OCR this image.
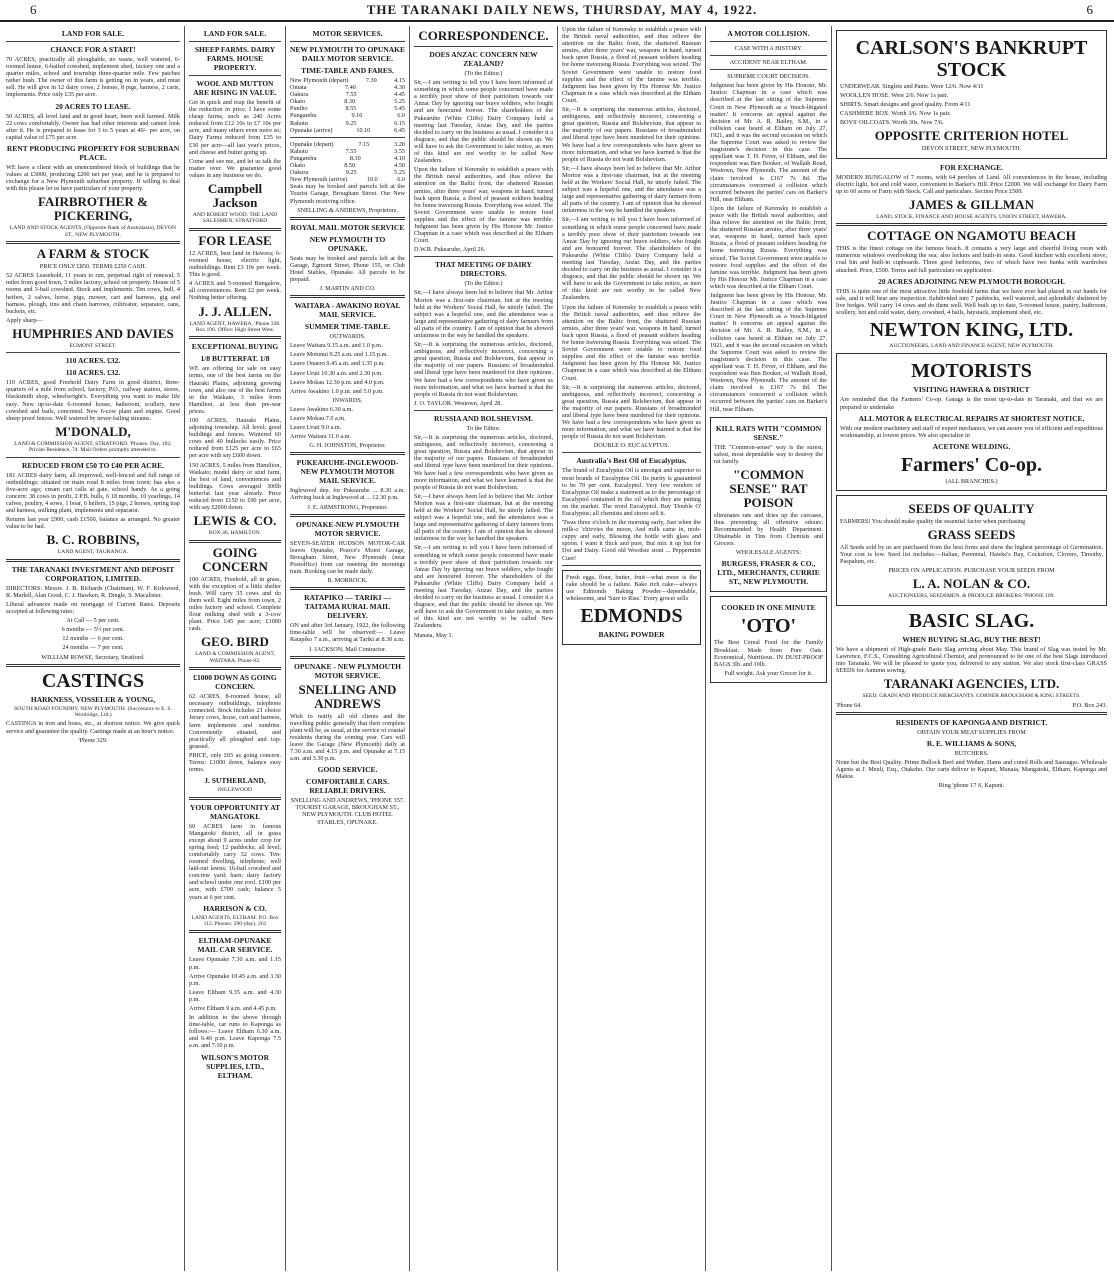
6	THE TARANAKI DAILY NEWS, THURSDAY, MAY 4, 1922.	6
LAND FOR SALE.
CHANCE FOR A START!

70 ACRES, practically all ploughable, no waste, well watered, 6-roomed house, 6-bailed cowshed, implement shed, factory one and a quarter miles, school and township three-quarter mile. Few patches rather bush. The owner of this farm is getting on in years, and must sell. He will give in 12 dairy cows, 2 horses, 8 pigs, harness, 2 carts, implements. Price only £35 per acre.

20 ACRES TO LEASE.

50 ACRES, all level land and in good heart, been well farmed. Milk 22 cows comfortably. Owner has had other interests and cannot look after it. He is prepared to lease for 3 to 5 years at 40/- per acre, on capital value of £75 per acre.

RENT PRODUCING PROPERTY FOR SUBURBAN PLACE.

WE have a client with an unencumbered block of buildings that he values at £3000, producing £200 net per year, and he is prepared to exchange for a New Plymouth suburban property. If willing to deal with this please let us have particulars of your property.

FAIRBROTHER & PICKERING,

LAND AND STOCK AGENTS, (Opposite Bank of Australasia), DEVON ST., NEW PLYMOUTH.

A FARM & STOCK

PRICE ONLY £850. TERMS £250 CASH.

52 ACRES Leasehold, 11 years to run, perpetual right of renewal, 5 miles from good town, 3 miles factory, school on property. House of 5 rooms and 3-bail cowshed. Stock and implements. Ten cows, bull, 4 heifers, 2 calves, horse, pigs, mower, cart and harness, gig and harness, plough, tins and chain harrows, cultivator, separator, cans, buckets, etc.

Apply sharp—

HUMPHRIES AND DAVIES

EGMONT STREET.

110 ACRES. £32.
110 ACRES. £32.

110 ACRES, good Freehold Dairy Farm in good district, three-quarters of a mile from school, factory, P.O., railway station, stores, blacksmith shop, wheelwright's. Everything you want to make life easy. New up-to-date 6-roomed house, bathroom, scullery, new cowshed and bails, concreted. New 6-cow plant and engine. Good sheep proof fences. Well watered by never-failing streams.

M'DONALD,

LAND & COMMISSION AGENT, STRATFORD. 'Phones: Day, 182; Private Residence, 74. Mail Orders promptly attended to.

REDUCED FROM £50 TO £40 PER ACRE.

181 ACRES dairy farm, all improved, well-fenced and full range of outbuildings; situated on main road 8 miles from town; has also a five-acre ago; cream cart calls at gate, school handy. As a going concern: 38 cows in profit, 2 P.B. bulls, 6 18 months, 10 yearlings, 14 calves, poultry, 4 sows, 1 boar, 6 heifers, 15 pigs, 2 horses, spring trap and harness, milking plant, implements and separator.

Returns last year £900, cash £1500, balance as arranged. No greater value to be had.

B. C. ROBBINS,

LAND AGENT, TAURANGA.

THE TARANAKI INVESTMENT AND DEPOSIT CORPORATION, LIMITED.

DIRECTORS: Messrs. J. B. Richards (Chairman), W. F. Kirkwood, R. Marlell, Alan Good, C. J. Hawken, R. Dingle, S. Macalister.

Liberal advances made on mortgage of Current Rates. Deposits accepted at following rates:

At Call — 5 per cent.

6 months — 5½ per cent.

12 months — 6 per cent.

24 months — 7 per cent.

WILLIAM ROWSE, Secretary, Stratford.

CASTINGS
HARKNESS, VOSSELER & YOUNG,

SOUTH ROAD FOUNDRY, NEW PLYMOUTH. (Successors to E. S. Woolridge, Ltd.)

CASTINGS in iron and brass, etc., at shortest notice. We give quick service and guarantee the quality. Castings made at an hour's notice.

'Phone 329.

LAND FOR SALE.
SHEEP FARMS. DAIRY FARMS. HOUSE PROPERTY.
WOOL AND MUTTON ARE RISING IN VALUE.

Get in quick and reap the benefit of the reduction in price. I have some cheap farms, such as 240 Acres reduced from £12 10s to £7 10s per acre, and many others even more so; Dairy Farms reduced from £35 to £30 per acre—all last year's prices, and cheese and butter going up.

Come and see me, and let us talk the matter over. We guarantee good values in any business we do.

Campbell Jackson

AND ROBERT WOOD. THE LAND SALESMEN, STRATFORD

FOR LEASE

12 ACRES, best land in Hawera; 6-roomed house, electric light, outbuildings. Rent £3 10s per week. This is good.

4 ACRES and 5-roomed Bungalow, all conveniences. Rent £2 per week. Nothing better offering.

J. J. ALLEN.

LAND AGENT, HAWERA. 'Phone 338. Box 196. Office: High Street West.

EXCEPTIONAL BUYING
1/8 BUTTERFAT. 1/8

WE are offering for sale on easy terms, one of the best farms on the Hauraki Plains, adjoining growing town, and also one of the best farms in the Waikato, 3 miles from Hamilton, at less than pre-war prices.

100 ACRES, Hauraki Plains, adjoining township. All level; good buildings and fences. Wintered 60 cows and 40 bullocks easily. Price reduced from £125 per acre to £65 per acre with say £600 down.

150 ACRES, 5 miles from Hamilton, Waikato; model dairy or stud farm, the best of land, conveniences and buildings. Cows averaged 300lb butterfat last year already. Price reduced from £150 to £90 per acre, with say £2000 down.

LEWIS & CO.

BOX 46, HAMILTON.

GOING CONCERN

100 ACRES, Freehold, all in grass, with the exception of a little shelter bush. Will carry 35 cows and do them well. Eight miles from town, 2 miles factory and school. Complete flour milking shed with a 3-cow plant. Price £45 per acre; £1000 cash.

GEO. BIRD

LAND & COMMISSION AGENT, WAITARA. Phone 83.

£1000 DOWN AS GOING CONCERN.

62 ACRES, 8-roomed house, all necessary outbuildings, telephone connected. Stock includes 21 choice Jersey cows, horse, cart and harness, farm implements and sundries. Conveniently situated, and practically all ploughed and top-grassed.

PRICE, only £65 as going concern. Terms: £1000 down, balance easy terms.

J. SUTHERLAND,

INGLEWOOD

YOUR OPPORTUNITY AT MANGATOKI.

60 ACRES farm in famous Mangatoki district, all in grass except about 9 acres under crop for spring feed; 12 paddocks; all level; comfortably carry 32 cows. Ten-roomed dwelling, telephone; well laid-out lawns; 16-bail cowshed and concrete yard; barn; dairy factory and school under one roof. £100 per acre, with £700 cash; balance 5 years at 6 per cent.

HARRISON & CO.

LAND AGENTS, ELTHAM. P.O. Box 112. Phones: 290 (day), 261

ELTHAM-OPUNAKE MAIL CAR SERVICE.

Leave Opunake 7.30 a.m. and 1.15 p.m.

Arrive Opunake 10.45 a.m. and 3.30 p.m.

Leave Eltham 9.35 a.m. and 4.30 p.m.

Arrive Eltham 9 a.m. and 4.45 p.m.

In addition to the above through time-table, car runs to Kaponga as follows:— Leave Eltham 6.30 a.m. and 6.40 p.m. Leave Kaponga 7.5 a.m. and 7.10 p.m.

WILSON'S MOTOR SUPPLIES, LTD., ELTHAM.
MOTOR SERVICES.
NEW PLYMOUTH TO OPUNAKE DAILY MOTOR SERVICE.
TIME-TABLE AND FARES.
New Plymouth (depart)	7.30	4.15
Omata	7.40	4.30
Oakura	7.55	4.45
Okato	8.30	5.25
Puniho	8.55	5.45
Pungarehu	9.10	6.0
Rahotu	9.25	6.15
Opunake (arrive)	10.10	6.45
Opunake (depart)	7.15	3.20
Rahotu	7.55	3.55
Pungarehu	8.10	4.10
Okato	8.50	4.50
Oakura	9.25	5.25
New Plymouth (arrive)	10.0	6.0

Seats may be booked and parcels left at the Tourist Garage, Brougham Street. Our New Plymouth receiving office.

SNELLING & ANDREWS, Proprietors.

ROYAL MAIL MOTOR SERVICE
NEW PLYMOUTH TO OPUNAKE.

Seats may be booked and parcels left at the Garage, Egmont Street, Phone 155, or Club Hotel Stables, Opunake. All parcels to be prepaid.

J. MARTIN AND CO.

WAITARA - AWAKINO ROYAL MAIL SERVICE.
SUMMER TIME-TABLE.

OUTWARDS.

Leave Waitara 9.15 a.m. and 1.0 p.m.

Leave Motunui 9.25 a.m. and 1.15 p.m.

Leave Onaero 9.45 a.m. and 1.35 p.m.

Leave Uruti 10.30 a.m. and 2.30 p.m.

Leave Mokau 12.30 p.m. and 4.0 p.m.

Arrive Awakino 1.0 p.m. and 5.0 p.m.

INWARDS.

Leave Awakino 6.30 a.m.

Leave Mokau 7.0 a.m.

Leave Uruti 9.0 a.m.

Arrive Waitara 11.0 a.m.

G. H. JOHNSTON, Proprietor.

PUKEARUHE-INGLEWOOD-NEW PLYMOUTH MOTOR MAIL SERVICE.

Inglewood dep. for Pukearuhe ... 8.30 a.m. Arriving back at Inglewood at ... 12.30 p.m.

J. E. ARMSTRONG, Proprietor.

OPUNAKE-NEW PLYMOUTH MOTOR SERVICE.

SEVEN-SEATER HUDSON MOTOR-CAR leaves Opunake, Pearce's Motor Garage, Brougham Street, New Plymouth (near Postoffice) from car meeting the mornings train. Booking can be made daily.

B. MORROCK.

RATAPIKO — TARIKI — TAITAMA RURAL MAIL DELIVERY.

ON and after 3rd January, 1922, the following time-table will be observed:— Leave Ratapiko 7 a.m., arriving at Tariki at 8.30 a.m.

J. JACKSON, Mail Contractor.

OPUNAKE - NEW PLYMOUTH MOTOR SERVICE.
SNELLING AND ANDREWS

Wish to notify all old clients and the travelling public generally that their complete plant will be, as usual, at the service of coastal residents during the coming year. Cars will leave the Garage (New Plymouth) daily at 7.30 a.m. and 4.15 p.m. and Opunake at 7.15 a.m. and 3.30 p.m.

GOOD SERVICE.
COMFORTABLE CARS. RELIABLE DRIVERS.

SNELLING AND ANDREWS, 'PHONE 357. TOURIST GARAGE, BROUGHAM ST., NEW PLYMOUTH. CLUB HOTEL STABLES, OPUNAKE.

CORRESPONDENCE.
DOES ANZAC CONCERN NEW ZEALAND?

(To the Editor.)

Sir,—I am writing to tell you I have been informed of something in which some people concerned have made a terribly poor show of their patriotism towards our Anzac Day by ignoring our brave soldiers, who fought and are honoured forever. The shareholders of the Pukearuhe (White Cliffs) Dairy Company held a meeting last Tuesday, Anzac Day, and the parties decided to carry on the business as usual. I consider it a disgrace, and that the public should be shown up. We will have to ask the Government to take notice, as men of this kind are not worthy to be called New Zealanders.

Upon the failure of Kerensky to establish a peace with the British naval authorities, and thus relieve the attention on the Baltic front, the shattered Russian armies, after three years' war, weapons in hand, turned back upon Russia, a flood of peasant soldiers heading for home traversing Russia. Everything was seized. The Soviet Government were unable to restore food supplies and the effect of the famine was terrible. Judgment has been given by His Honour Mr. Justice Chapman in a case which was described at the Eltham Court.

D.W.R. Pukearuhe, April 26.

THAT MEETING OF DAIRY DIRECTORS.

(To the Editor.)

Sir,—I have always been led to believe that Mr. Arthur Morton was a first-rate chairman, but at the meeting held at the Workers' Social Hall, he utterly failed. The subject was a hopeful one, and the attendance was a large and representative gathering of dairy farmers from all parts of the country. I am of opinion that he showed unfairness in the way he handled the speakers.

Sir,—It is surprising the numerous articles, doctored, ambiguous, and reflectively incorrect, concerning a great question, Russia and Bolshevism, that appear in the majority of our papers. Russians of broadminded and liberal type have been murdered for their opinions. We have had a few correspondents who have given us more information, and what we have learned is that the people of Russia do not want Bolshevism.

J. O. TAYLOR. Westown, April 28.

RUSSIA AND BOLSHEVISM.

To the Editor.

Sir,—It is surprising the numerous articles, doctored, ambiguous, and reflectively incorrect, concerning a great question, Russia and Bolshevism, that appear in the majority of our papers. Russians of broadminded and liberal type have been murdered for their opinions. We have had a few correspondents who have given us more information, and what we have learned is that the people of Russia do not want Bolshevism.

Sir,—I have always been led to believe that Mr. Arthur Morton was a first-rate chairman, but at the meeting held at the Workers' Social Hall, he utterly failed. The subject was a hopeful one, and the attendance was a large and representative gathering of dairy farmers from all parts of the country. I am of opinion that he showed unfairness in the way he handled the speakers.

Sir,—I am writing to tell you I have been informed of something in which some people concerned have made a terribly poor show of their patriotism towards our Anzac Day by ignoring our brave soldiers, who fought and are honoured forever. The shareholders of the Pukearuhe (White Cliffs) Dairy Company held a meeting last Tuesday, Anzac Day, and the parties decided to carry on the business as usual. I consider it a disgrace, and that the public should be shown up. We will have to ask the Government to take notice, as men of this kind are not worthy to be called New Zealanders.

Manaia, May 1.

Upon the failure of Kerensky to establish a peace with the British naval authorities, and thus relieve the attention on the Baltic front, the shattered Russian armies, after three years' war, weapons in hand, turned back upon Russia, a flood of peasant soldiers heading for home traversing Russia. Everything was seized. The Soviet Government were unable to restore food supplies and the effect of the famine was terrible. Judgment has been given by His Honour Mr. Justice Chapman in a case which was described at the Eltham Court.

Sir,—It is surprising the numerous articles, doctored, ambiguous, and reflectively incorrect, concerning a great question, Russia and Bolshevism, that appear in the majority of our papers. Russians of broadminded and liberal type have been murdered for their opinions. We have had a few correspondents who have given us more information, and what we have learned is that the people of Russia do not want Bolshevism.

Sir,—I have always been led to believe that Mr. Arthur Morton was a first-rate chairman, but at the meeting held at the Workers' Social Hall, he utterly failed. The subject was a hopeful one, and the attendance was a large and representative gathering of dairy farmers from all parts of the country. I am of opinion that he showed unfairness in the way he handled the speakers.

Sir,—I am writing to tell you I have been informed of something in which some people concerned have made a terribly poor show of their patriotism towards our Anzac Day by ignoring our brave soldiers, who fought and are honoured forever. The shareholders of the Pukearuhe (White Cliffs) Dairy Company held a meeting last Tuesday, Anzac Day, and the parties decided to carry on the business as usual. I consider it a disgrace, and that the public should be shown up. We will have to ask the Government to take notice, as men of this kind are not worthy to be called New Zealanders.

Upon the failure of Kerensky to establish a peace with the British naval authorities, and thus relieve the attention on the Baltic front, the shattered Russian armies, after three years' war, weapons in hand, turned back upon Russia, a flood of peasant soldiers heading for home traversing Russia. Everything was seized. The Soviet Government were unable to restore food supplies and the effect of the famine was terrible. Judgment has been given by His Honour Mr. Justice Chapman in a case which was described at the Eltham Court.

Sir,—It is surprising the numerous articles, doctored, ambiguous, and reflectively incorrect, concerning a great question, Russia and Bolshevism, that appear in the majority of our papers. Russians of broadminded and liberal type have been murdered for their opinions. We have had a few correspondents who have given us more information, and what we have learned is that the people of Russia do not want Bolshevism.

DOUBLE O. EUCALYPTUS.

Australia's Best Oil of Eucalyptus.

The brand of Eucalyptus Oil is amongst and superior to most brands of Eucalyptus Oil. Its purity is guaranteed to be 70 per cent. Eucalyptol. Very few vendors of Eucalyptus Oil make a statement as to the percentage of Eucalyptol contained in the oil which they are putting on the market. The word Eucalyptol. Buy 'Double O' Eucalyptus; all chemists and stores sell it.

'Twas three o'clock in the morning early, Just when the milk-o 'chivvies the moon, And milk came in, mob-cappy and early, Blessing the bottle with glass and spoon. I want it thick and pure, But mix it up but for Dot and Dairy. Good old Woodsie stout ... Peppermint Cure!

Fresh eggs, flour, butter, fruit—what more is the cake should be a failure. Bake rich cake—always use Edmonds Baking Powder—dependable, wholesome, and 'Sure to Rise.' Every grocer sells

EDMONDS
BAKING POWDER
A MOTOR COLLISION.

CASE WITH A HISTORY.

ACCIDENT NEAR ELTHAM.

SUPREME COURT DECISION.

Judgment has been given by His Honour, Mr. Justice Chapman in a case which was described at the last sitting of the Supreme Court in New Plymouth as a 'much-litigated matter.' It concerns an appeal against the decision of Mr. A. R. Bailey, S.M., in a collision case heard at Eltham on July 27, 1921, and it was the second occasion on which the Supreme Court was asked to review the magistrate's decision in this case. The appellant was T. H. Fever, of Eltham, and the respondent was Ben Booker, of Wallath Road, Westown, New Plymouth. The amount of the claim involved is £167 7s 8d. The circumstances concerned a collision which occurred between the parties' cars on Barker's Hill, near Eltham.

Upon the failure of Kerensky to establish a peace with the British naval authorities, and thus relieve the attention on the Baltic front, the shattered Russian armies, after three years' war, weapons in hand, turned back upon Russia, a flood of peasant soldiers heading for home traversing Russia. Everything was seized. The Soviet Government were unable to restore food supplies and the effect of the famine was terrible. Judgment has been given by His Honour Mr. Justice Chapman in a case which was described at the Eltham Court.

Judgment has been given by His Honour, Mr. Justice Chapman in a case which was described at the last sitting of the Supreme Court in New Plymouth as a 'much-litigated matter.' It concerns an appeal against the decision of Mr. A. R. Bailey, S.M., in a collision case heard at Eltham on July 27, 1921, and it was the second occasion on which the Supreme Court was asked to review the magistrate's decision in this case. The appellant was T. H. Fever, of Eltham, and the respondent was Ben Booker, of Wallath Road, Westown, New Plymouth. The amount of the claim involved is £167 7s 8d. The circumstances concerned a collision which occurred between the parties' cars on Barker's Hill, near Eltham.

KILL RATS WITH "COMMON SENSE."

THE "Common-sense" way is the surest, safest, most dependable way to destroy the rat family.

"COMMON SENSE" RAT POISON

eliminates rats and dries up the carcases, thus preventing all offensive odours. Recommended by Health Department. Obtainable in Tins from Chemists and Grocers.

WHOLESALE AGENTS:

BURGESS, FRASER & CO., LTD., MERCHANTS, CURRIE ST., NEW PLYMOUTH.
COOKED IN ONE MINUTE
'OTO'

The Best Cereal Food for the Family Breakfast. Made from Pure Oats. Economical, Nutritious. IN DUST-PROOF BAGS 3lb. and 10lb.

Full weight. Ask your Grocer for it.

CARLSON'S BANKRUPT STOCK

UNDERWEAR. Singlets and Pants. Were 12/6. Now 4/11

WOOLLEN HOSE. Were 2/6. Now 1s pair.

SHIRTS. Smart designs and good quality. From 4/11

CASHMERE BOX. Worth 3/6. Now 1s pair.

BOYS' OILCOATS. Worth 30s. Now 7/6.

OPPOSITE CRITERION HOTEL

DEVON STREET, NEW PLYMOUTH.

FOR EXCHANGE.

MODERN BUNGALOW of 7 rooms, with 64 perches of Land. All conveniences in the house, including electric light, hot and cold water, convenient to Barker's Hill. Price £2000. We will exchange for Dairy Farm up to 60 acres or Farm with Stock. Call and particulars. Section Price £500.

JAMES & GILLMAN

LAND, STOCK, FINANCE AND HOUSE AGENTS, UNION STREET, HAWERA.

COTTAGE ON NGAMOTU BEACH

THIS is the finest cottage on the famous beach. It contains a very large and cheerful living room with numerous windows overlooking the sea; also lockers and built-in seats. Good kitchen with excellent stove, coal bin and built-in cupboards. Three good bedrooms, two of which have two bunks with wardrobes attached. Price, £500. Terms and full particulars on application.

20 ACRES ADJOINING NEW PLYMOUTH BOROUGH.

THIS is quite one of the most attractive little freehold farms that we have ever had placed in our hands for sale, and it will bear any inspection. Subdivided into 7 paddocks, well watered, and splendidly sheltered by live hedges. Will carry 14 cows and do them well. Well built up to date, 5-roomed house, pantry, bathroom, scullery, hot and cold water, dairy, cowshed, 4 bails, haystack, implement shed, etc.

NEWTON KING, LTD.

AUCTIONEERS, LAND AND FINANCE AGENT, NEW PLYMOUTH.

MOTORISTS
VISITING HAWERA & DISTRICT

Are reminded that the Farmers' Co-op. Garage is the most up-to-date in Taranaki, and that we are prepared to undertake

ALL MOTOR & ELECTRICAL REPAIRS AT SHORTEST NOTICE.

With our modern machinery and staff of expert mechanics, we can assure you of efficient and expeditious workmanship, at lowest prices. We also specialise in

ACETONE WELDING.
Farmers' Co-op.

(ALL BRANCHES.)

SEEDS OF QUALITY

FARMERS! You should make quality the essential factor when purchasing

GRASS SEEDS

All Seeds sold by us are purchased from the best firms and show the highest percentage of Germination. Your cost is low. Seed list includes:—Italian, Perennial, Hawke's Bay, Cocksfoot, Clovers, Timothy, Paspalum, etc.

PRICES ON APPLICATION. PURCHASE YOUR SEEDS FROM

L. A. NOLAN & CO.

AUCTIONEERS, SEEDSMEN, & PRODUCE BROKERS. 'PHONE 109.

BASIC SLAG.
WHEN BUYING SLAG, BUY THE BEST!

We have a shipment of High-grade Basic Slag arriving about May. This brand of Slag was tested by Mr. Lawrence, F.C.S., Consulting Agricultural Chemist, and pronounced to be one of the best Slags introduced into Taranaki. We will be pleased to quote you, delivered to any station. We also stock first-class GRASS SEEDS for Autumn sowing.

TARANAKI AGENCIES, LTD.

SEED, GRAIN AND PRODUCE MERCHANTS. CORNER BROUGHAM & KING STREETS.

'Phone 64.	P.O. Box 243.
RESIDENTS OF KAPONGA AND DISTRICT.

OBTAIN YOUR MEAT SUPPLIES FROM

R. E. WILLIAMS & SONS,

BUTCHERS.

None but the Best Quality. Prime Bullock Beef and Wether. Hams and cured Rolls and Sausages. Wholesale Agents at J. Meuli, Esq., Otakeho. Our carts deliver to Kapuni, Manaia, Mangatoki, Eltham, Kaponga and Mahoe.

Ring 'phone 17 S, Kapuni.
